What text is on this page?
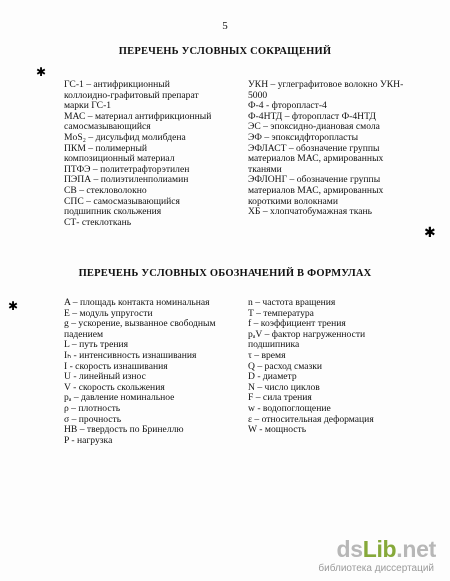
5
✱
✱
✱
ПЕРЕЧЕНЬ УСЛОВНЫХ СОКРАЩЕНИЙ
ГС-1 – антифрикционный
коллоидно-графитовый препарат
марки ГС-1
МАС – материал антифрикционный
самосмазывающийся
MoS₂ – дисульфид молибдена
ПКМ – полимерный
композиционный материал
ПТФЭ – политетрафторэтилен
ПЭПА – полиэтиленполиамин
СВ – стекловолокно
СПС – самосмазывающийся
подшипник скольжения
СТ- стеклоткань
УКН – углеграфитовое волокно УКН-
5000
Ф-4 - фторопласт-4
Ф-4НТД – фторопласт Ф-4НТД
ЭС – эпоксидно-диановая смола
ЭФ – эпоксидфторопласты
ЭФЛАСТ – обозначение группы
материалов МАС, армированных
тканями
ЭФЛОНГ – обозначение группы
материалов МАС, армированных
короткими волокнами
ХБ – хлопчатобумажная ткань
ПЕРЕЧЕНЬ УСЛОВНЫХ ОБОЗНАЧЕНИЙ В ФОРМУЛАХ
A – площадь контакта номинальная
E – модуль упругости
g – ускорение, вызванное свободным
падением
L – путь трения
Iₕ - интенсивность изнашивания
I - скорость изнашивания
U - линейный износ
V - скорость скольжения
pₐ – давление номинальное
ρ – плотность
σ – прочность
HB – твердость по Бринеллю
P - нагрузка
n – частота вращения
T – температура
f – коэффициент трения
pₐV – фактор нагруженности
подшипника
τ – время
Q – расход смазки
D - диаметр
N – число циклов
F – сила трения
w - водопоглощение
ε – относительная деформация
W - мощность
dsLib.net
библиотека диссертаций
